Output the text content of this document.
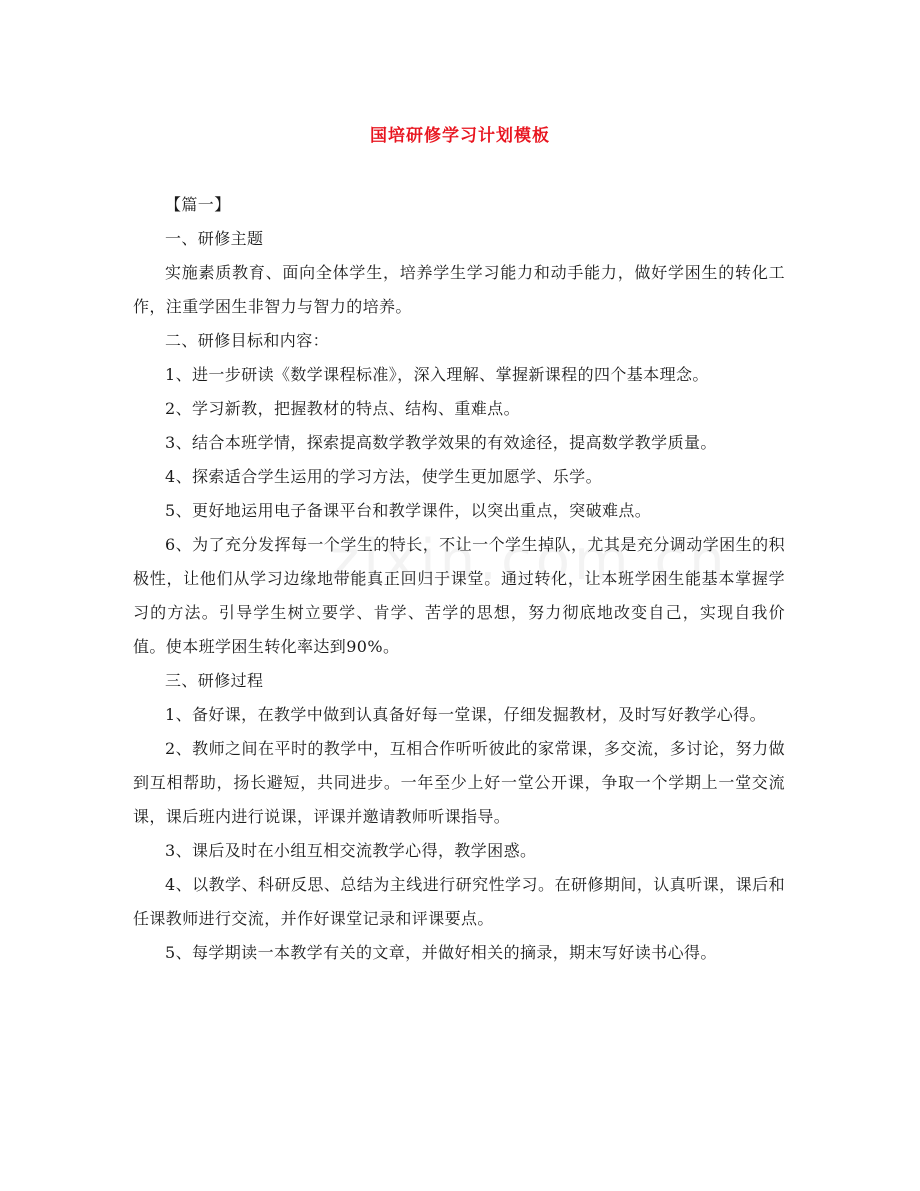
国培研修学习计划模板

【篇一】

一、研修主题

实施素质教育、面向全体学生，培养学生学习能力和动手能力，做好学困生的转化工作，注重学困生非智力与智力的培养。

二、研修目标和内容：

1、进一步研读《数学课程标准》，深入理解、掌握新课程的四个基本理念。

2、学习新教，把握教材的特点、结构、重难点。

3、结合本班学情，探索提高数学教学效果的有效途径，提高数学教学质量。

4、探索适合学生运用的学习方法，使学生更加愿学、乐学。

5、更好地运用电子备课平台和教学课件，以突出重点，突破难点。

6、为了充分发挥每一个学生的特长，不让一个学生掉队，尤其是充分调动学困生的积极性，让他们从学习边缘地带能真正回归于课堂。通过转化，让本班学困生能基本掌握学习的方法。引导学生树立要学、肯学、苦学的思想，努力彻底地改变自己，实现自我价值。使本班学困生转化率达到90%。

三、研修过程

1、备好课，在教学中做到认真备好每一堂课，仔细发掘教材，及时写好教学心得。

2、教师之间在平时的教学中，互相合作听听彼此的家常课，多交流，多讨论，努力做到互相帮助，扬长避短，共同进步。一年至少上好一堂公开课，争取一个学期上一堂交流课，课后班内进行说课，评课并邀请教师听课指导。

3、课后及时在小组互相交流教学心得，教学困惑。

4、以教学、科研反思、总结为主线进行研究性学习。在研修期间，认真听课，课后和任课教师进行交流，并作好课堂记录和评课要点。

5、每学期读一本教学有关的文章，并做好相关的摘录，期末写好读书心得。
